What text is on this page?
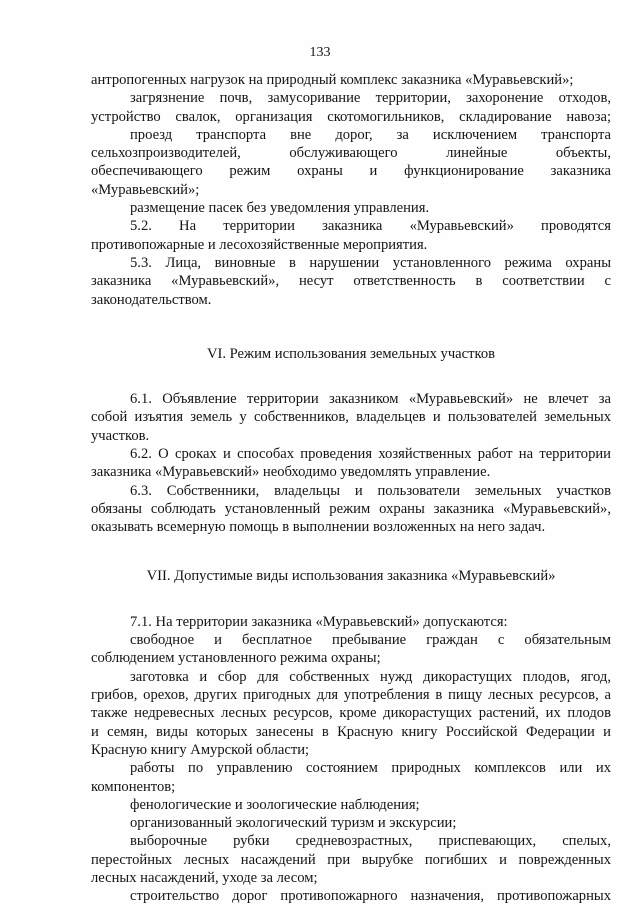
133
антропогенных нагрузок на природный комплекс заказника «Муравьевский»;
загрязнение почв, замусоривание территории, захоронение отходов,
устройство свалок, организация скотомогильников, складирование навоза;
проезд транспорта вне дорог, за исключением транспорта
сельхозпроизводителей, обслуживающего линейные объекты,
обеспечивающего режим охраны и функционирование заказника
«Муравьевский»;
размещение пасек без уведомления управления.
5.2. На территории заказника «Муравьевский» проводятся
противопожарные и лесохозяйственные мероприятия.
5.3. Лица, виновные в нарушении установленного режима охраны
заказника «Муравьевский», несут ответственность в соответствии с
законодательством.
VI. Режим использования земельных участков
6.1. Объявление территории заказником «Муравьевский» не влечет за
собой изъятия земель у собственников, владельцев и пользователей земельных
участков.
6.2. О сроках и способах проведения хозяйственных работ на территории
заказника «Муравьевский» необходимо уведомлять управление.
6.3. Собственники, владельцы и пользователи земельных участков
обязаны соблюдать установленный режим охраны заказника «Муравьевский»,
оказывать всемерную помощь в выполнении возложенных на него задач.
VII. Допустимые виды использования заказника «Муравьевский»
7.1. На территории заказника «Муравьевский» допускаются:
свободное и бесплатное пребывание граждан с обязательным
соблюдением установленного режима охраны;
заготовка и сбор для собственных нужд дикорастущих плодов, ягод,
грибов, орехов, других пригодных для употребления в пищу лесных ресурсов, а
также недревесных лесных ресурсов, кроме дикорастущих растений, их плодов
и семян, виды которых занесены в Красную книгу Российской Федерации и
Красную книгу Амурской области;
работы по управлению состоянием природных комплексов или их
компонентов;
фенологические и зоологические наблюдения;
организованный экологический туризм и экскурсии;
выборочные рубки средневозрастных, приспевающих, спелых,
перестойных лесных насаждений при вырубке погибших и поврежденных
лесных насаждений, уходе за лесом;
строительство дорог противопожарного назначения, противопожарных
